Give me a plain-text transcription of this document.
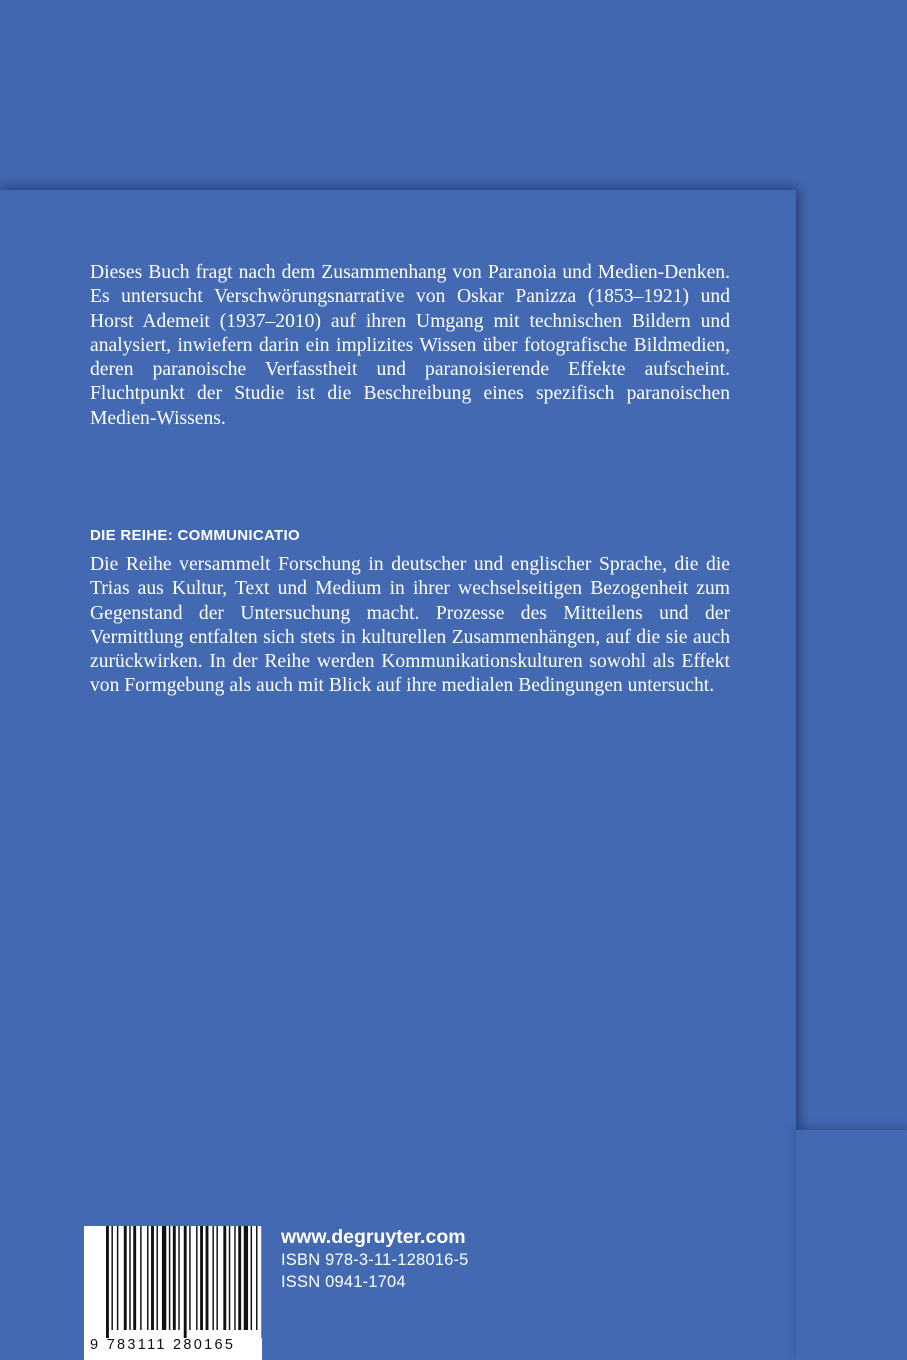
Dieses Buch fragt nach dem Zusammenhang von Paranoia und Medien-Denken. Es untersucht Verschwörungsnarrative von Oskar Panizza (1853–1921) und Horst Ademeit (1937–2010) auf ihren Umgang mit technischen Bildern und analysiert, inwiefern darin ein implizites Wissen über fotografische Bildmedien, deren paranoische Verfasstheit und paranoisierende Effekte aufscheint. Fluchtpunkt der Studie ist die Beschreibung eines spezifisch paranoischen Medien-Wissens.

DIE REIHE: COMMUNICATIO

Die Reihe versammelt Forschung in deutscher und englischer Sprache, die die Trias aus Kultur, Text und Medium in ihrer wechselseitigen Bezogenheit zum Gegenstand der Untersuchung macht. Prozesse des Mitteilens und der Vermittlung entfalten sich stets in kulturellen Zusammenhängen, auf die sie auch zurückwirken. In der Reihe werden Kommunikationskulturen sowohl als Effekt von Formgebung als auch mit Blick auf ihre medialen Bedingungen untersucht.

9 783111 280165
www.degruyter.com
ISBN 978-3-11-128016-5
ISSN 0941-1704
